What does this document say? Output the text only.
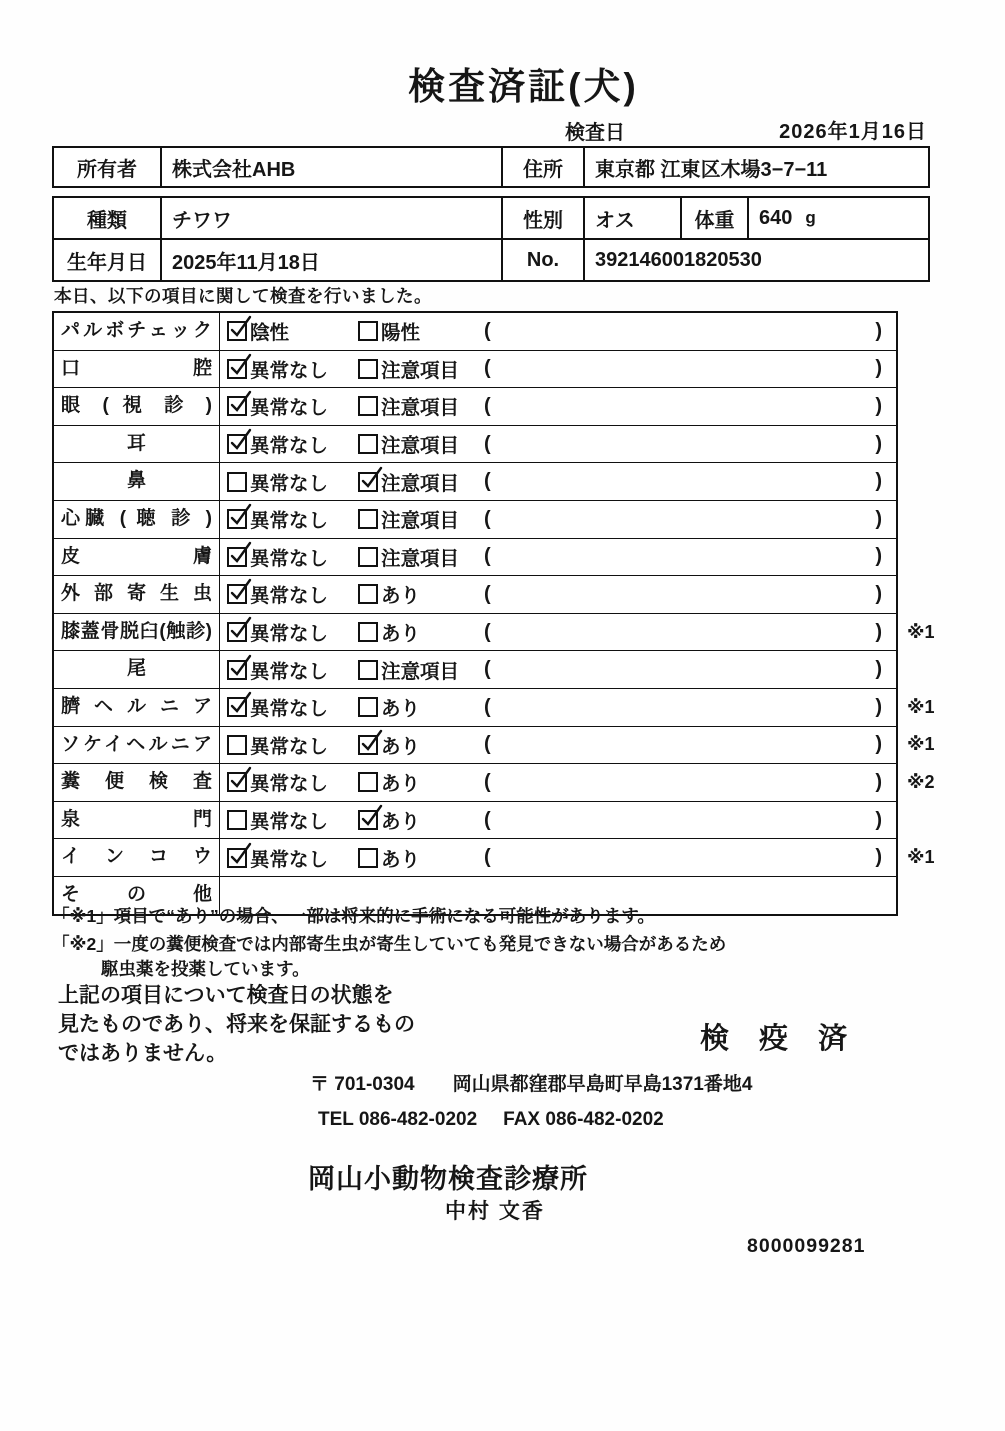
検査済証(犬)
検査日	2026年1月16日
所有者	株式会社AHB	住所	東京都 江東区木場3−7−11
種類	チワワ	性別	オス	体重	640 g
生年月日	2025年11月18日	No.	392146001820530
本日、以下の項目に関して検査を行いました。
パルボチェック	陰性	陽性	(	)
口腔	異常なし	注意項目 (	)
眼 ( 視 診 )	異常なし	注意項目 (	)
耳	異常なし	注意項目 (	)
鼻	異常なし	注意項目 (	)
心臓 ( 聴 診 )	異常なし	注意項目 (	)
皮膚	異常なし	注意項目 (	)
外部寄生虫	異常なし	あり	(	)
膝蓋骨脱臼(触診)	異常なし	あり	(	) ※1
尾	異常なし	注意項目 (	)
臍ヘルニア	異常なし	あり	(	) ※1
ソケイヘルニア	異常なし	あり	(	) ※1
糞便検査	異常なし	あり	(	) ※2
泉門	異常なし	あり	(	)
インコウ	異常なし	あり	(	) ※1
その他
「※1」項目で“あり”の場合、一部は将来的に手術になる可能性があります。
「※2」一度の糞便検査では内部寄生虫が寄生していても発見できない場合があるため
駆虫薬を投薬しています。
上記の項目について検査日の状態を
見たものであり、将来を保証するもの
ではありません。	検 疫 済
〒 701-0304 岡山県都窪郡早島町早島1371番地4
TEL 086-482-0202 FAX 086-482-0202
岡山小動物検査診療所
中村 文香
8000099281
